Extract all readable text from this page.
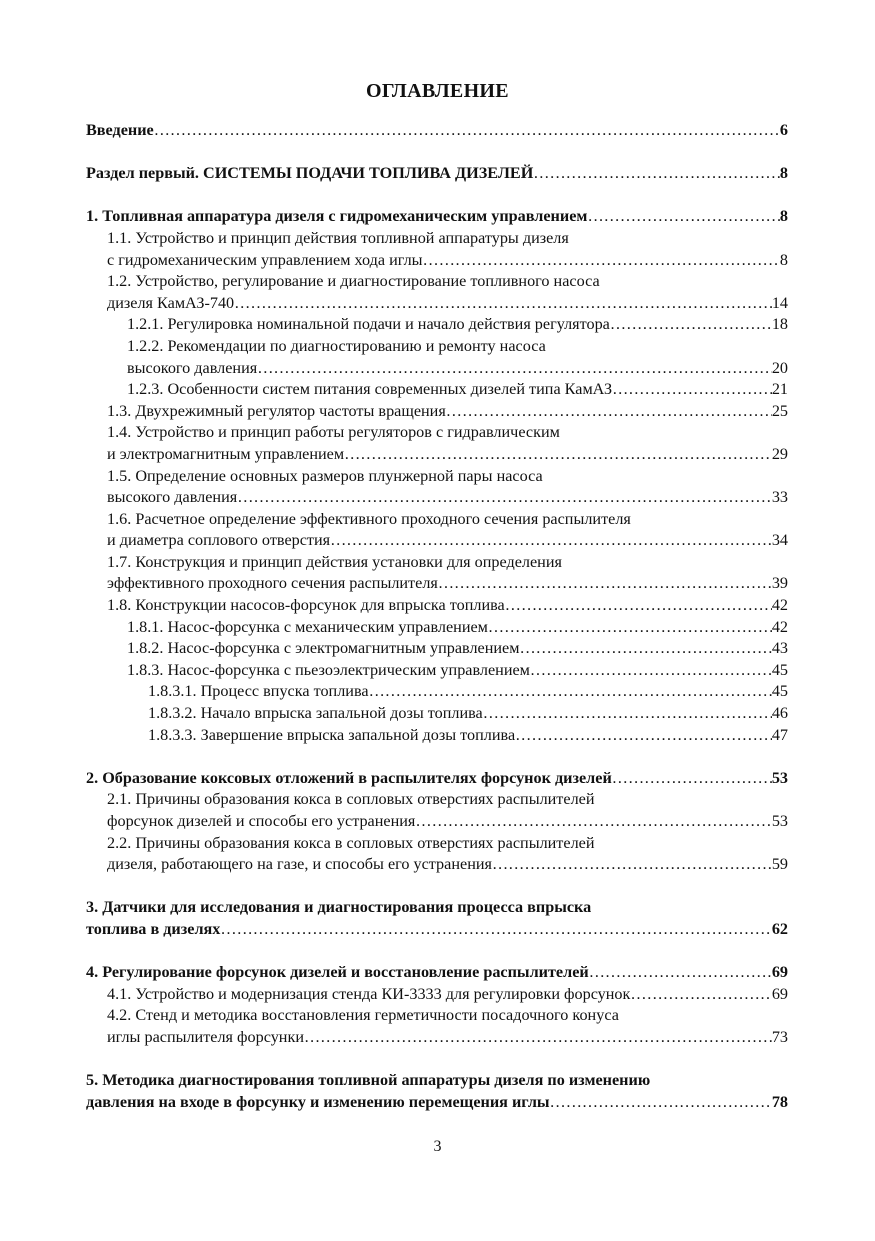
ОГЛАВЛЕНИЕ
Введение ……………………………………………………………………………………………………………………………………………………………………………………………………………………………	6
Раздел первый. СИСТЕМЫ ПОДАЧИ ТОПЛИВА ДИЗЕЛЕЙ ……………………………………………………………………………………………………………………………………………………………………………………………………………………………	8
1. Топливная аппаратура дизеля с гидромеханическим управлением ……………………………………………………………………………………………………………………………………………………………………………………………………………………………	8
1.1. Устройство и принцип действия топливной аппаратуры дизеля
с гидромеханическим управлением хода иглы ……………………………………………………………………………………………………………………………………………………………………………………………………………………………	8
1.2. Устройство, регулирование и диагностирование топливного насоса
дизеля КамАЗ-740 ……………………………………………………………………………………………………………………………………………………………………………………………………………………………	14
1.2.1. Регулировка номинальной подачи и начало действия регулятора ……………………………………………………………………………………………………………………………………………………………………………………………………………………………	18
1.2.2. Рекомендации по диагностированию и ремонту насоса
высокого давления ……………………………………………………………………………………………………………………………………………………………………………………………………………………………	20
1.2.3. Особенности систем питания современных дизелей типа КамАЗ ……………………………………………………………………………………………………………………………………………………………………………………………………………………………	21
1.3. Двухрежимный регулятор частоты вращения ……………………………………………………………………………………………………………………………………………………………………………………………………………………………	25
1.4. Устройство и принцип работы регуляторов с гидравлическим
и электромагнитным управлением ……………………………………………………………………………………………………………………………………………………………………………………………………………………………	29
1.5. Определение основных размеров плунжерной пары насоса
высокого давления ……………………………………………………………………………………………………………………………………………………………………………………………………………………………	33
1.6. Расчетное определение эффективного проходного сечения распылителя
и диаметра соплового отверстия ……………………………………………………………………………………………………………………………………………………………………………………………………………………………	34
1.7. Конструкция и принцип действия установки для определения
эффективного проходного сечения распылителя ……………………………………………………………………………………………………………………………………………………………………………………………………………………………	39
1.8. Конструкции насосов-форсунок для впрыска топлива ……………………………………………………………………………………………………………………………………………………………………………………………………………………………	42
1.8.1. Насос-форсунка с механическим управлением ……………………………………………………………………………………………………………………………………………………………………………………………………………………………	42
1.8.2. Насос-форсунка с электромагнитным управлением ……………………………………………………………………………………………………………………………………………………………………………………………………………………………	43
1.8.3. Насос-форсунка с пьезоэлектрическим управлением ……………………………………………………………………………………………………………………………………………………………………………………………………………………………	45
1.8.3.1. Процесс впуска топлива ……………………………………………………………………………………………………………………………………………………………………………………………………………………………	45
1.8.3.2. Начало впрыска запальной дозы топлива ……………………………………………………………………………………………………………………………………………………………………………………………………………………………	46
1.8.3.3. Завершение впрыска запальной дозы топлива ……………………………………………………………………………………………………………………………………………………………………………………………………………………………	47
2. Образование коксовых отложений в распылителях форсунок дизелей ……………………………………………………………………………………………………………………………………………………………………………………………………………………………	53
2.1. Причины образования кокса в сопловых отверстиях распылителей
форсунок дизелей и способы его устранения ……………………………………………………………………………………………………………………………………………………………………………………………………………………………	53
2.2. Причины образования кокса в сопловых отверстиях распылителей
дизеля, работающего на газе, и способы его устранения ……………………………………………………………………………………………………………………………………………………………………………………………………………………………	59
3. Датчики для исследования и диагностирования процесса впрыска
топлива в дизелях ……………………………………………………………………………………………………………………………………………………………………………………………………………………………	62
4. Регулирование форсунок дизелей и восстановление распылителей ……………………………………………………………………………………………………………………………………………………………………………………………………………………………	69
4.1. Устройство и модернизация стенда КИ-3333 для регулировки форсунок ……………………………………………………………………………………………………………………………………………………………………………………………………………………………	69
4.2. Стенд и методика восстановления герметичности посадочного конуса
иглы распылителя форсунки ……………………………………………………………………………………………………………………………………………………………………………………………………………………………	73
5. Методика диагностирования топливной аппаратуры дизеля по изменению
давления на входе в форсунку и изменению перемещения иглы ……………………………………………………………………………………………………………………………………………………………………………………………………………………………	78
3
